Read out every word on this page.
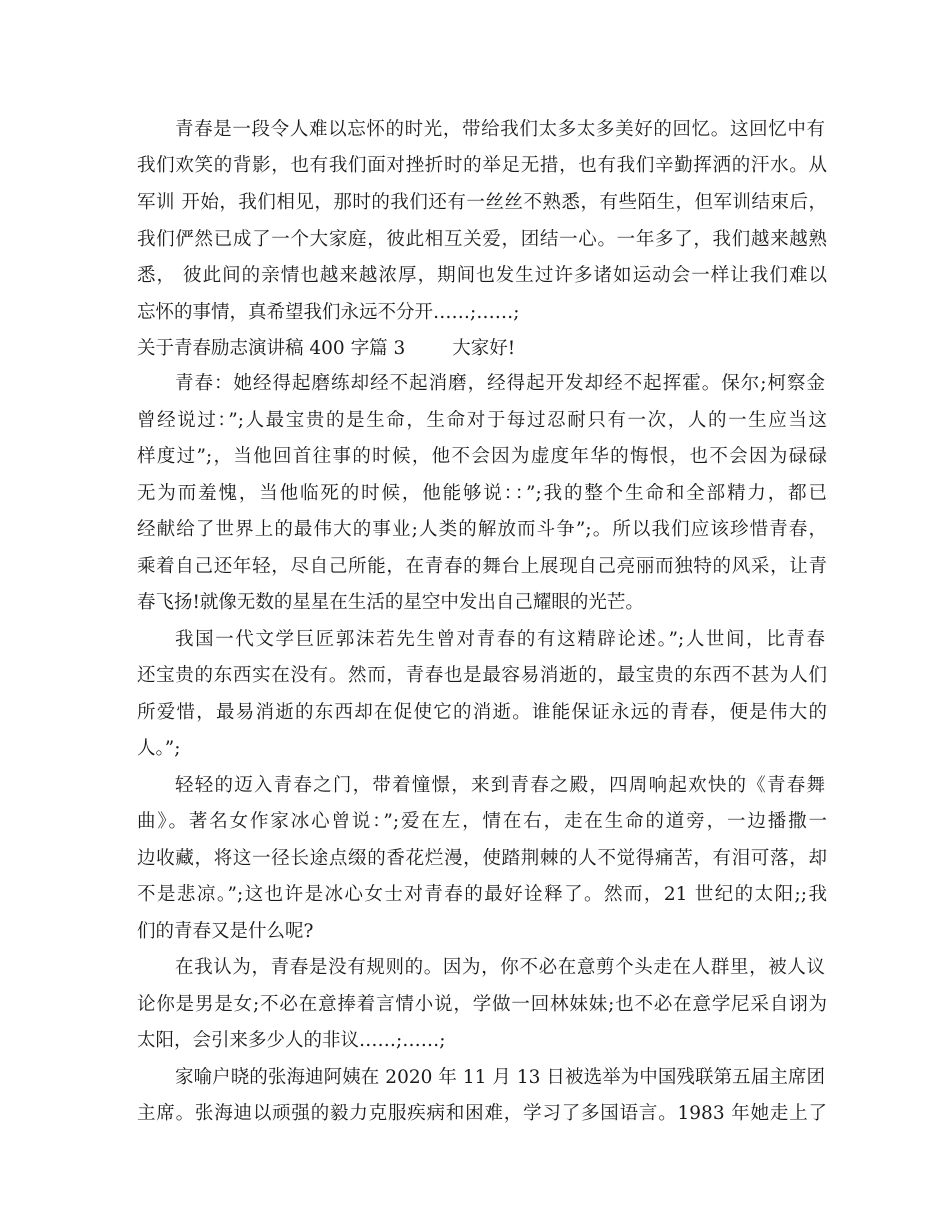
青春是一段令人难以忘怀的时光，带给我们太多太多美好的回忆。这回忆中有
我们欢笑的背影，也有我们面对挫折时的举足无措，也有我们辛勤挥洒的汗水。从
军训 开始，我们相见，那时的我们还有一丝丝不熟悉，有些陌生，但军训结束后，
我们俨然已成了一个大家庭，彼此相互关爱，团结一心。一年多了，我们越来越熟
悉， 彼此间的亲情也越来越浓厚，期间也发生过许多诸如运动会一样让我们难以
忘怀的事情，真希望我们永远不分开……;……;
关于青春励志演讲稿 400 字篇 3        大家好!
青春：她经得起磨练却经不起消磨，经得起开发却经不起挥霍。保尔;柯察金
曾经说过：”;人最宝贵的是生命，生命对于每过忍耐只有一次，人的一生应当这
样度过”;，当他回首往事的时候，他不会因为虚度年华的悔恨，也不会因为碌碌
无为而羞愧，当他临死的时候，他能够说：：”;我的整个生命和全部精力，都已
经献给了世界上的最伟大的事业;人类的解放而斗争”;。所以我们应该珍惜青春，
乘着自己还年轻，尽自己所能，在青春的舞台上展现自己亮丽而独特的风采，让青
春飞扬!就像无数的星星在生活的星空中发出自己耀眼的光芒。
我国一代文学巨匠郭沫若先生曾对青春的有这精辟论述。”;人世间，比青春
还宝贵的东西实在没有。然而，青春也是最容易消逝的，最宝贵的东西不甚为人们
所爱惜，最易消逝的东西却在促使它的消逝。谁能保证永远的青春，便是伟大的
人。”;
轻轻的迈入青春之门，带着憧憬，来到青春之殿，四周响起欢快的《青春舞
曲》。著名女作家冰心曾说：”;爱在左，情在右，走在生命的道旁，一边播撒一
边收藏，将这一径长途点缀的香花烂漫，使踏荆棘的人不觉得痛苦，有泪可落，却
不是悲凉。”;这也许是冰心女士对青春的最好诠释了。然而，21 世纪的太阳;;我
们的青春又是什么呢?
在我认为，青春是没有规则的。因为，你不必在意剪个头走在人群里，被人议
论你是男是女;不必在意捧着言情小说，学做一回林妹妹;也不必在意学尼采自诩为
太阳，会引来多少人的非议……;……;
家喻户晓的张海迪阿姨在 2020 年 11 月 13 日被选举为中国残联第五届主席团
主席。张海迪以顽强的毅力克服疾病和困难，学习了多国语言。1983 年她走上了
